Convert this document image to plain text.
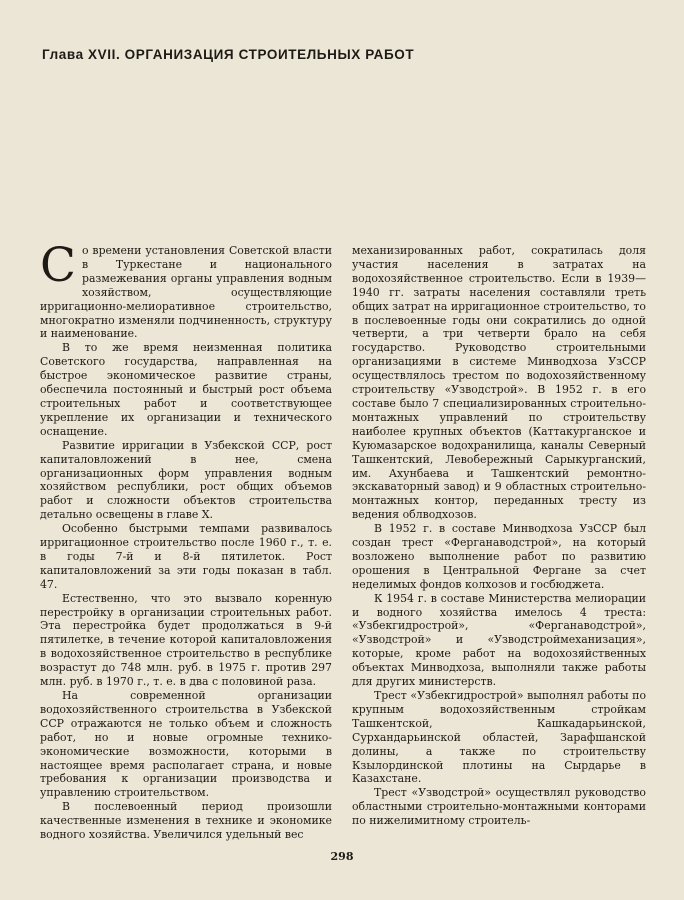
Глава XVII. ОРГАНИЗАЦИЯ СТРОИТЕЛЬНЫХ РАБОТ

Со времени установления Советской власти в Туркестане и национального размежевания органы управления водным хозяйством, осуществляющие ирригационно-мелиоративное строительство, многократно изменяли подчиненность, структуру и наименование.

В то же время неизменная политика Советского государства, направленная на быстрое экономическое развитие страны, обеспечила постоянный и быстрый рост объема строительных работ и соответствующее укрепление их организации и технического оснащение.

Развитие ирригации в Узбекской ССР, рост капиталовложений в нее, смена организационных форм управления водным хозяйством республики, рост общих объемов работ и сложности объектов строительства детально освещены в главе X.

Особенно быстрыми темпами развивалось ирригационное строительство после 1960 г., т. е. в годы 7-й и 8-й пятилеток. Рост капиталовложений за эти годы показан в табл. 47.

Естественно, что это вызвало коренную перестройку в организации строительных работ. Эта перестройка будет продолжаться в 9-й пятилетке, в течение которой капиталовложения в водохозяйственное строительство в республике возрастут до 748 млн. руб. в 1975 г. против 297 млн. руб. в 1970 г., т. е. в два с половиной раза.

На современной организации водохозяйственного строительства в Узбекской ССР отражаются не только объем и сложность работ, но и новые огромные технико-экономические возможности, которыми в настоящее время располагает страна, и новые требования к организации производства и управлению строительством.

В послевоенный период произошли качественные изменения в технике и экономике водного хозяйства. Увеличился удельный вес

механизированных работ, сократилась доля участия населения в затратах на водохозяйственное строительство. Если в 1939—1940 гг. затраты населения составляли треть общих затрат на ирригационное строительство, то в послевоенные годы они сократились до одной четверти, а три четверти брало на себя государство. Руководство строительными организациями в системе Минводхоза УзССР осуществлялось трестом по водохозяйственному строительству «Узводстрой». В 1952 г. в его составе было 7 специализированных строительно-монтажных управлений по строительству наиболее крупных объектов (Каттакурганское и Куюмазарское водохранилища, каналы Северный Ташкентский, Левобережный Сарыкурганский, им. Ахунбаева и Ташкентский ремонтно-экскаваторный завод) и 9 областных строительно-монтажных контор, переданных тресту из ведения облводхозов.

В 1952 г. в составе Минводхоза УзССР был создан трест «Ферганаводстрой», на который возложено выполнение работ по развитию орошения в Центральной Фергане за счет неделимых фондов колхозов и госбюджета.

К 1954 г. в составе Министерства мелиорации и водного хозяйства имелось 4 треста: «Узбекгидрострой», «Ферганаводстрой», «Узводстрой» и «Узводстроймеханизация», которые, кроме работ на водохозяйственных объектах Минводхоза, выполняли также работы для других министерств.

Трест «Узбекгидрострой» выполнял работы по крупным водохозяйственным стройкам Ташкентской, Кашкадарьинской, Сурхандарьинской областей, Зарафшанской долины, а также по строительству Кзылординской плотины на Сырдарье в Казахстане.

Трест «Узводстрой» осуществлял руководство областными строительно-монтажными конторами по нижелимитному строитель-

298
